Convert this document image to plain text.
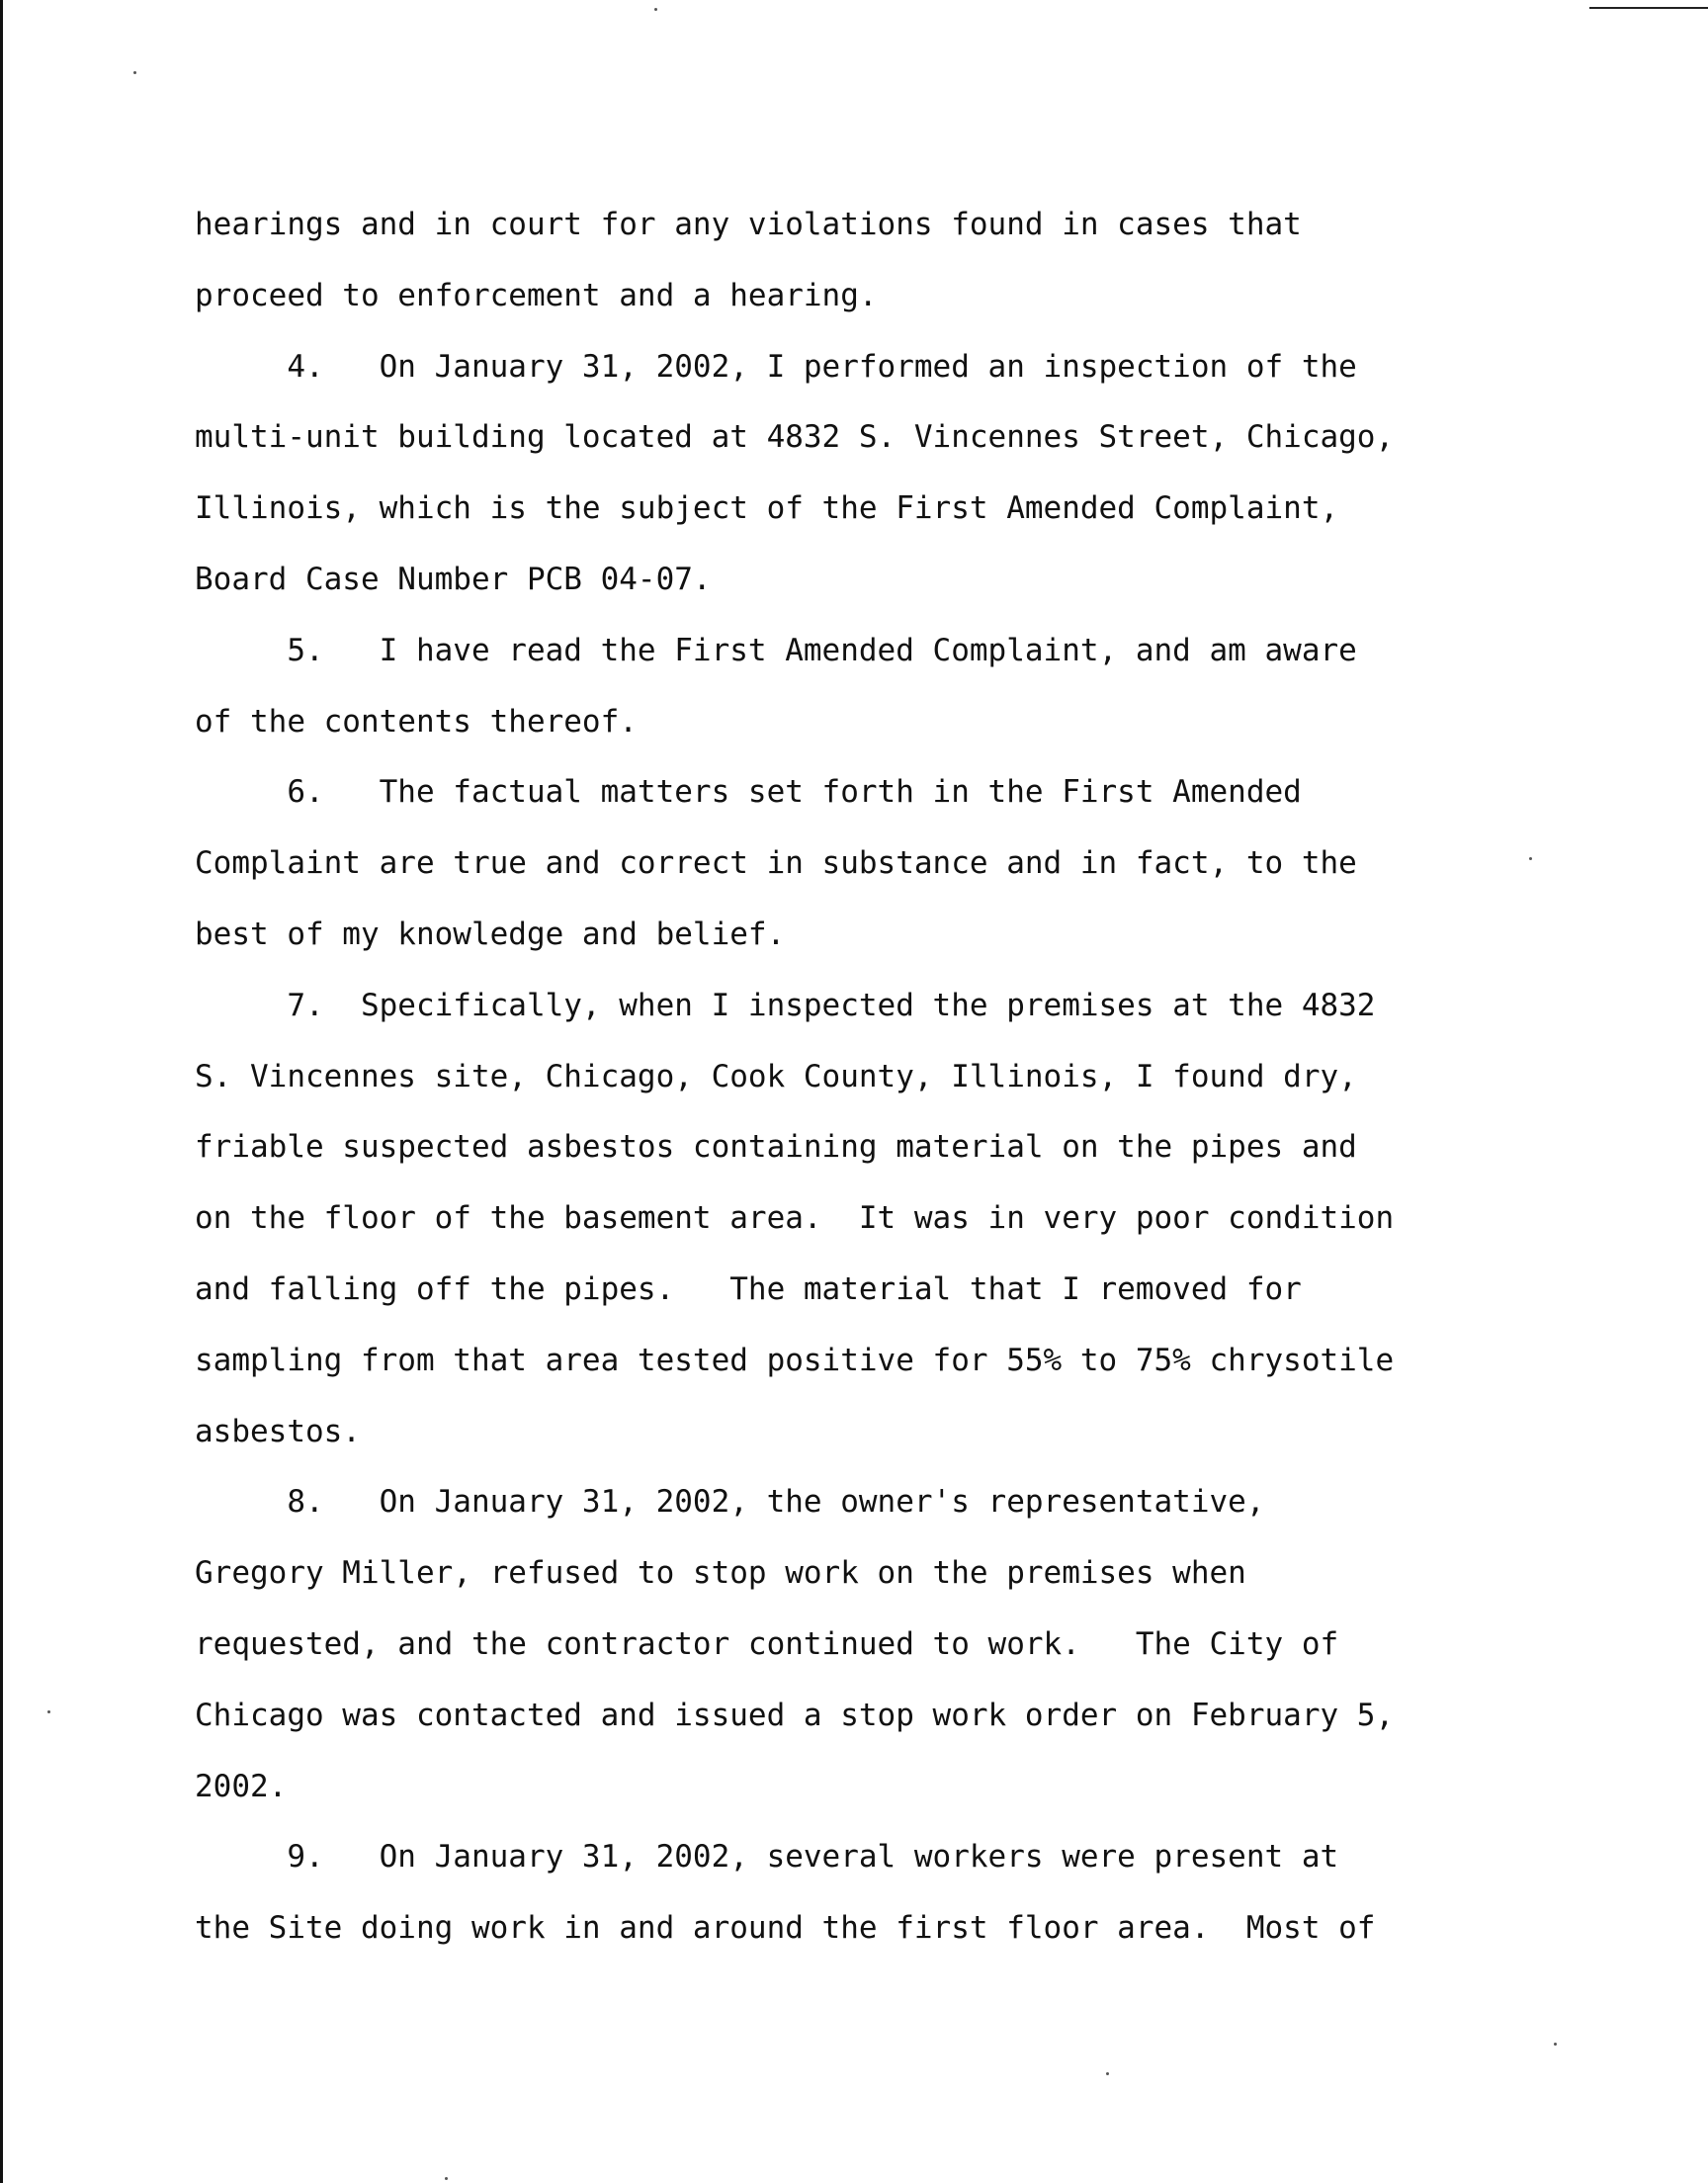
hearings and in court for any violations found in cases that
proceed to enforcement and a hearing.
4.   On January 31, 2002, I performed an inspection of the
multi-unit building located at 4832 S. Vincennes Street, Chicago,
Illinois, which is the subject of the First Amended Complaint,
Board Case Number PCB 04-07.
5.   I have read the First Amended Complaint, and am aware
of the contents thereof.
6.   The factual matters set forth in the First Amended
Complaint are true and correct in substance and in fact, to the
best of my knowledge and belief.
7.  Specifically, when I inspected the premises at the 4832
S. Vincennes site, Chicago, Cook County, Illinois, I found dry,
friable suspected asbestos containing material on the pipes and
on the floor of the basement area.  It was in very poor condition
and falling off the pipes.   The material that I removed for
sampling from that area tested positive for 55% to 75% chrysotile
asbestos.
8.   On January 31, 2002, the owner's representative,
Gregory Miller, refused to stop work on the premises when
requested, and the contractor continued to work.   The City of
Chicago was contacted and issued a stop work order on February 5,
2002.
9.   On January 31, 2002, several workers were present at
the Site doing work in and around the first floor area.  Most of
